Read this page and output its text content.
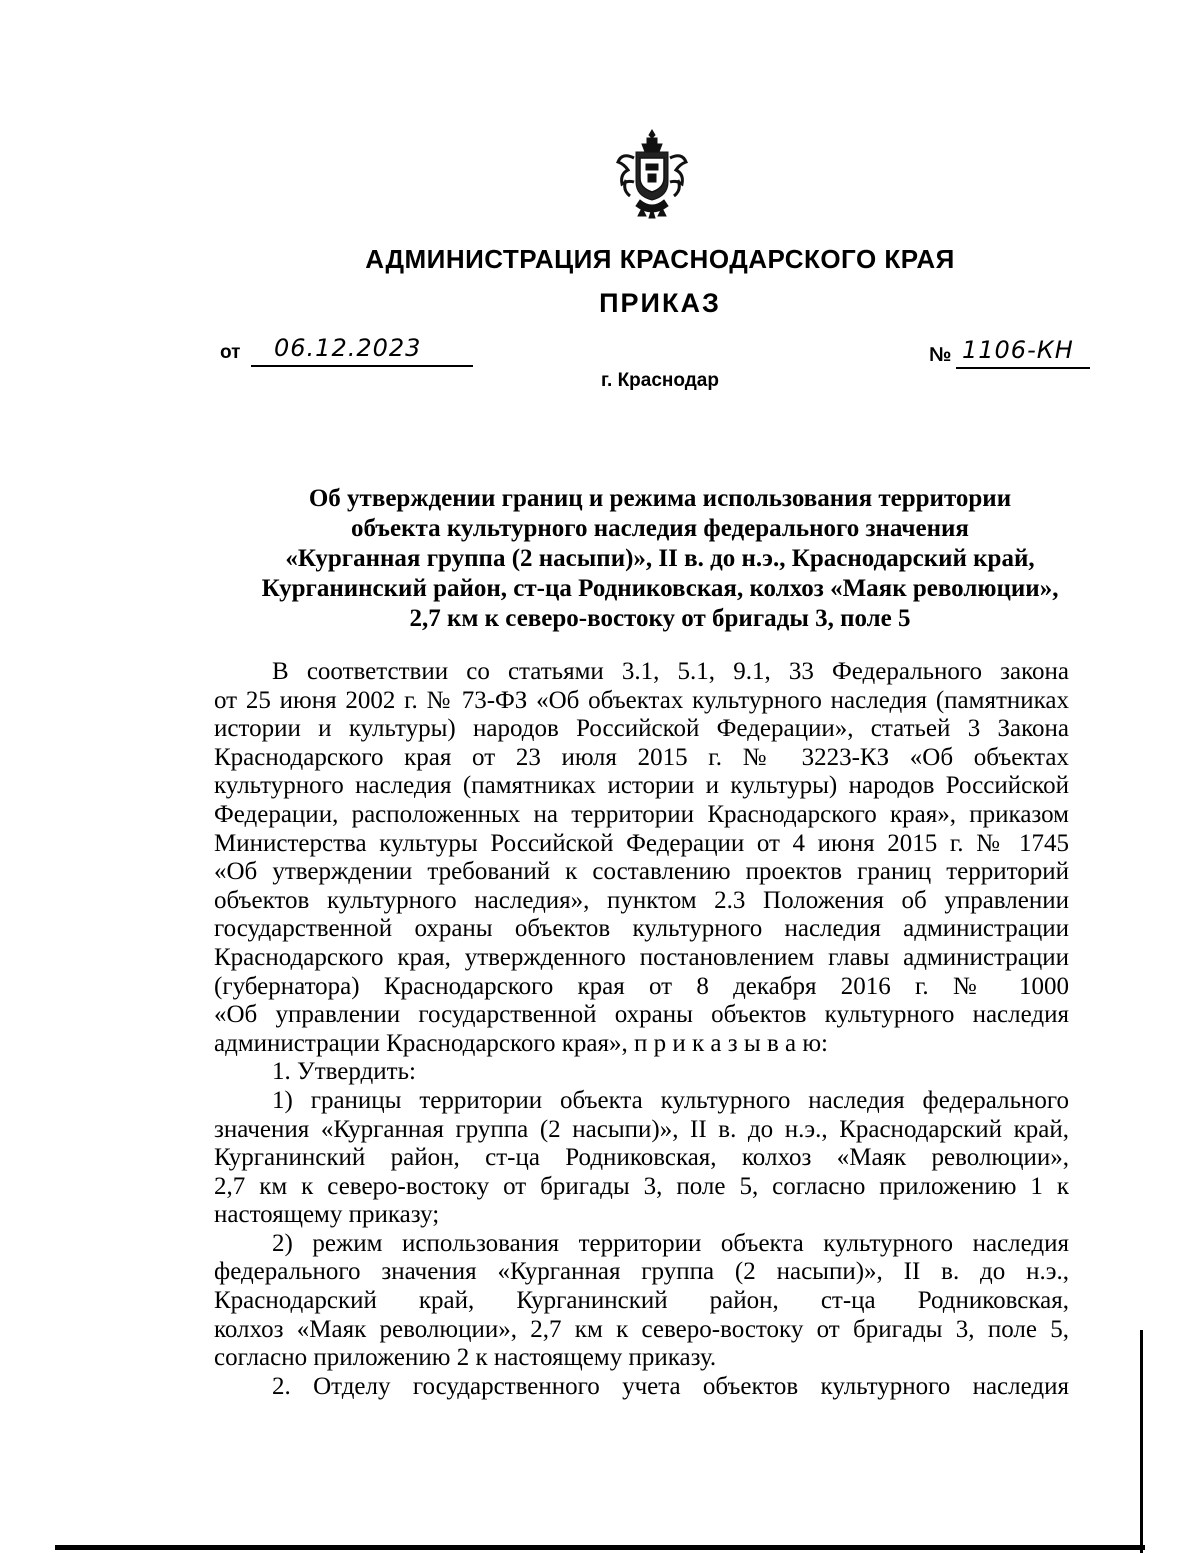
АДМИНИСТРАЦИЯ КРАСНОДАРСКОГО КРАЯ
ПРИКАЗ
от 06.12.2023
г. Краснодар
№ 1106-КН
Об утверждении границ и режима использования территории
объекта культурного наследия федерального значения
«Курганная группа (2 насыпи)», II в. до н.э., Краснодарский край,
Курганинский район, ст-ца Родниковская, колхоз «Маяк революции»,
2,7 км к северо-востоку от бригады 3, поле 5
В соответствии со статьями 3.1, 5.1, 9.1, 33 Федерального закона
от 25 июня 2002 г. № 73-ФЗ «Об объектах культурного наследия (памятниках
истории и культуры) народов Российской Федерации», статьей 3 Закона
Краснодарского края от 23 июля 2015 г. № 3223-КЗ «Об объектах
культурного наследия (памятниках истории и культуры) народов Российской
Федерации, расположенных на территории Краснодарского края», приказом
Министерства культуры Российской Федерации от 4 июня 2015 г. № 1745
«Об утверждении требований к составлению проектов границ территорий
объектов культурного наследия», пунктом 2.3 Положения об управлении
государственной охраны объектов культурного наследия администрации
Краснодарского края, утвержденного постановлением главы администрации
(губернатора) Краснодарского края от 8 декабря 2016 г. № 1000
«Об управлении государственной охраны объектов культурного наследия
администрации Краснодарского края», п р и к а з ы в а ю:
1. Утвердить:
1) границы территории объекта культурного наследия федерального
значения «Курганная группа (2 насыпи)», II в. до н.э., Краснодарский край,
Курганинский район, ст-ца Родниковская, колхоз «Маяк революции»,
2,7 км к северо-востоку от бригады 3, поле 5, согласно приложению 1 к
настоящему приказу;
2) режим использования территории объекта культурного наследия
федерального значения «Курганная группа (2 насыпи)», II в. до н.э.,
Краснодарский край, Курганинский район, ст-ца Родниковская,
колхоз «Маяк революции», 2,7 км к северо-востоку от бригады 3, поле 5,
согласно приложению 2 к настоящему приказу.
2. Отделу государственного учета объектов культурного наследия
